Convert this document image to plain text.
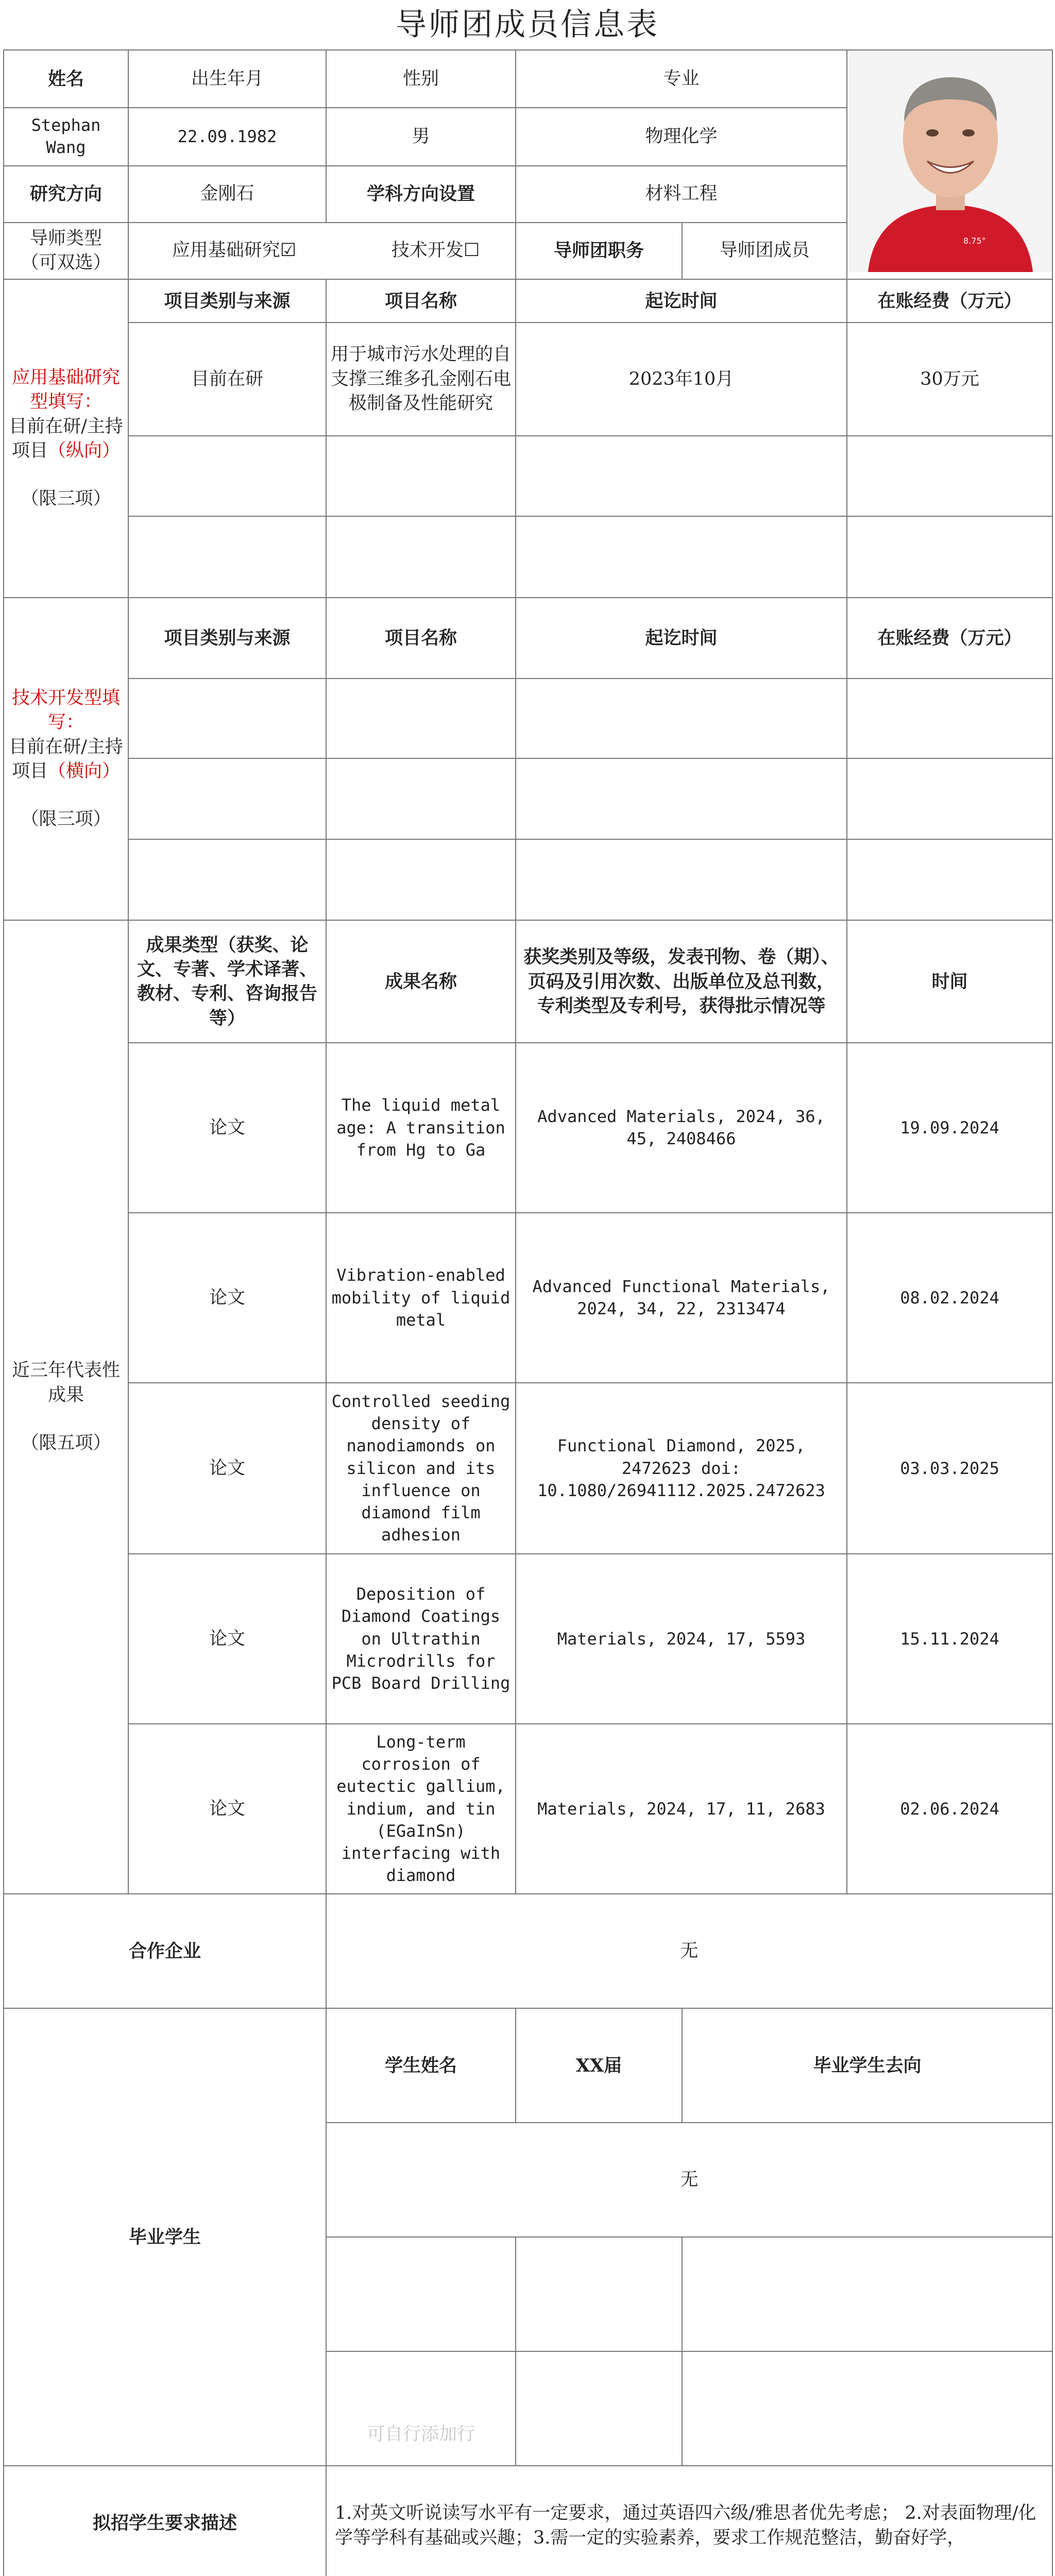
导师团成员信息表
姓名	出生年月	性别	专业		8.75°

Stephan Wang	22.09.1982	男	物理化学		
研究方向	金刚石	学科方向设置	材料工程		

导师类型
（可双选）	应用基础研究☑ 技术开发☐		导师团职务	导师团成员	

应用基础研究型填写：
目前在研/主持项目（纵向）
（限三项）	项目类别与来源	项目名称	起讫时间		在账经费（万元）
	目前在研	用于城市污水处理的自支撑三维多孔金刚石电极制备及性能研究	2023年10月		30万元

技术开发型填写：
目前在研/主持项目（横向）
（限三项）	项目类别与来源	项目名称	起讫时间		在账经费（万元）

近三年代表性成果
（限五项）	成果类型（获奖、论文、专著、学术译著、教材、专利、咨询报告等）	成果名称	获奖类别及等级，发表刊物、卷（期）、页码及引用次数、出版单位及总刊数，专利类型及专利号，获得批示情况等		时间
	论文	The liquid metal age: A transition from Hg to Ga	Advanced Materials, 2024, 36, 45, 2408466		19.09.2024
	论文	Vibration-enabled mobility of liquid metal	Advanced Functional Materials, 2024, 34, 22, 2313474		08.02.2024
	论文	Controlled seeding density of nanodiamonds on silicon and its influence on diamond film adhesion	Functional Diamond, 2025, 2472623 doi: 10.1080/26941112.2025.2472623		03.03.2025
	论文	Deposition of Diamond Coatings on Ultrathin Microdrills for PCB Board Drilling	Materials, 2024, 17, 5593		15.11.2024
	论文	Long-term corrosion of eutectic gallium, indium, and tin (EGaInSn) interfacing with diamond	Materials, 2024, 17, 11, 2683		02.06.2024
合作企业		无			
毕业学生		学生姓名	XX届	毕业学生去向	
		无			

		可自行添加行			
拟招学生要求描述		1.对英文听说读写水平有一定要求，通过英语四六级/雅思者优先考虑； 2.对表面物理/化学等学科有基础或兴趣；3.需一定的实验素养，要求工作规范整洁，勤奋好学，			
